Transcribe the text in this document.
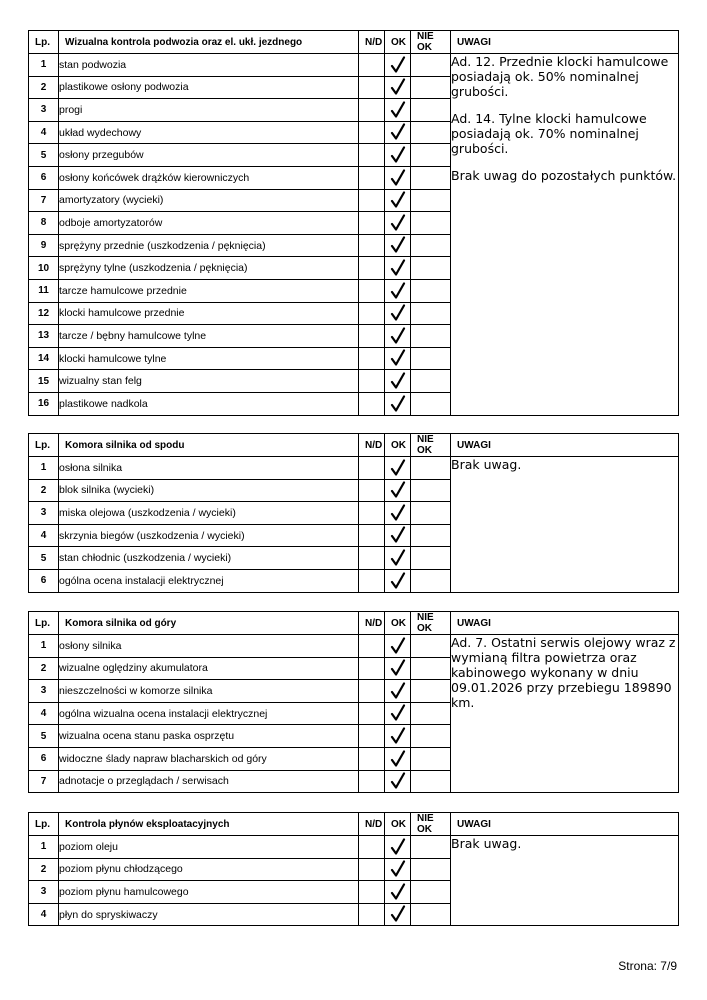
Lp.	Wizualna kontrola podwozia oraz el. ukł. jezdnego	N/D	OK	NIE OK	UWAGI
1	stan podwozia				Ad. 12. Przednie klocki hamulcowe posiadają ok. 50% nominalnej grubości.

Ad. 14. Tylne klocki hamulcowe posiadają ok. 70% nominalnej grubości.

Brak uwag do pozostałych punktów.

2	plastikowe osłony podwozia		

3	progi		

4	układ wydechowy		

5	osłony przegubów		

6	osłony końcówek drążków kierowniczych		

7	amortyzatory (wycieki)		

8	odboje amortyzatorów		

9	sprężyny przednie (uszkodzenia / pęknięcia)		

10	sprężyny tylne (uszkodzenia / pęknięcia)		

11	tarcze hamulcowe przednie		

12	klocki hamulcowe przednie		

13	tarcze / bębny hamulcowe tylne		

14	klocki hamulcowe tylne		

15	wizualny stan felg		

16	plastikowe nadkola		

Lp.	Komora silnika od spodu	N/D	OK	NIE OK	UWAGI
1	osłona silnika				Brak uwag.

2	blok silnika (wycieki)		

3	miska olejowa (uszkodzenia / wycieki)		

4	skrzynia biegów (uszkodzenia / wycieki)		

5	stan chłodnic (uszkodzenia / wycieki)		

6	ogólna ocena instalacji elektrycznej		

Lp.	Komora silnika od góry	N/D	OK	NIE OK	UWAGI
1	osłony silnika				Ad. 7. Ostatni serwis olejowy wraz z wymianą filtra powietrza oraz kabinowego wykonany w dniu 09.01.2026 przy przebiegu 189890 km.

2	wizualne oględziny akumulatora		

3	nieszczelności w komorze silnika		

4	ogólna wizualna ocena instalacji elektrycznej		

5	wizualna ocena stanu paska osprzętu		

6	widoczne ślady napraw blacharskich od góry		

7	adnotacje o przeglądach / serwisach		

Lp.	Kontrola płynów eksploatacyjnych	N/D	OK	NIE OK	UWAGI
1	poziom oleju				Brak uwag.

2	poziom płynu chłodzącego		

3	poziom płynu hamulcowego		

4	płyn do spryskiwaczy		

Strona: 7/9
